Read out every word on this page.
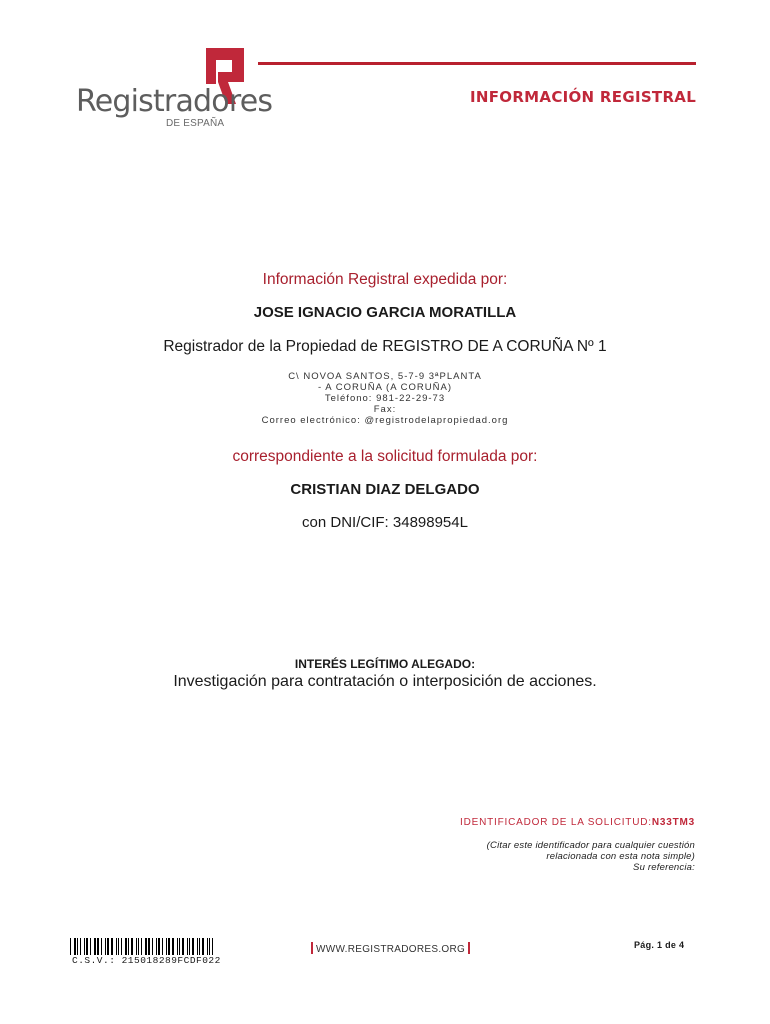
Registradores
DE ESPAÑA
INFORMACIÓN REGISTRAL
Información Registral expedida por:
JOSE IGNACIO GARCIA MORATILLA
Registrador de la Propiedad de REGISTRO DE A CORUÑA Nº 1
C\ NOVOA SANTOS, 5-7-9 3ªPLANTA
- A CORUÑA (A CORUÑA)
Teléfono: 981-22-29-73
Fax:
Correo electrónico: @registrodelapropiedad.org
correspondiente a la solicitud formulada por:
CRISTIAN DIAZ DELGADO
con DNI/CIF: 34898954L
INTERÉS LEGÍTIMO ALEGADO:
Investigación para contratación o interposición de acciones.
IDENTIFICADOR DE LA SOLICITUD:N33TM3
(Citar este identificador para cualquier cuestión
relacionada con esta nota simple)
Su referencia:
C.S.V.: 215018289FCDF022
WWW.REGISTRADORES.ORG	Pág. 1 de 4
